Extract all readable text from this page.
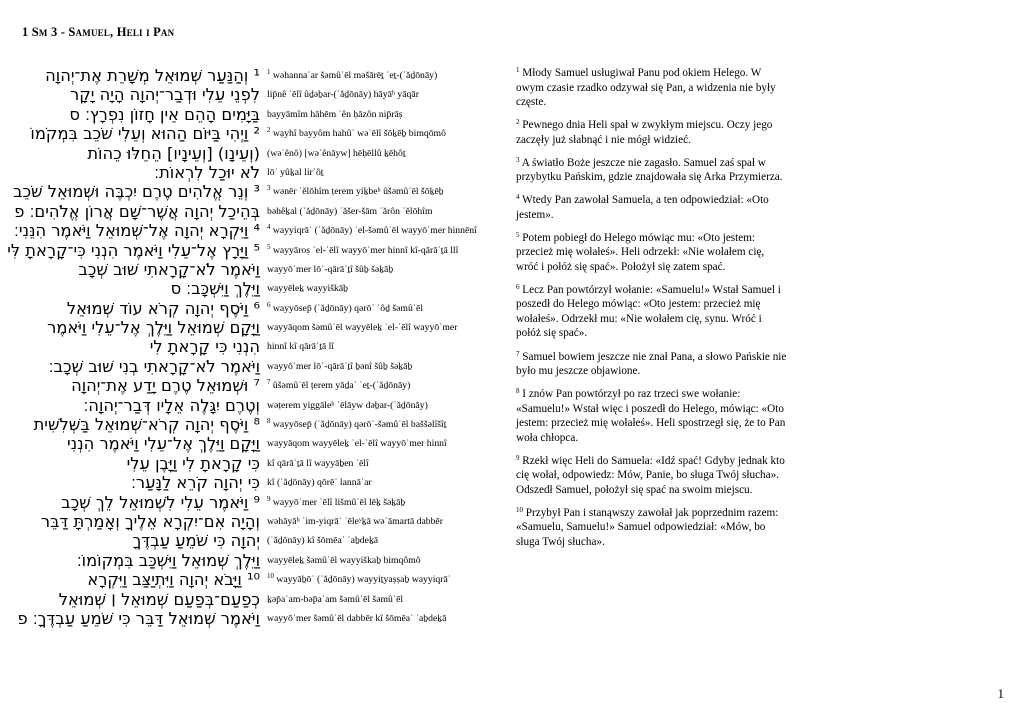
1 Sm 3 - Samuel, Heli i Pan
¹ וְהַנַּעַר שְׁמוּאֵל מְשָׁרֵת אֶת־יְהוָה
לִפְנֵי עֵלִי וּדְבַר־יְהוָה הָיָה יָקָר
בַּיָּמִים הָהֵם אֵין חָזוֹן נִפְרָץ׃ ס
² וַיְהִי בַּיּוֹם הַהוּא וְעֵלִי שֹׁכֵב בִּמְקֹמוֹ
(וְעֵינָו) [וְעֵינָיו] הֵחֵלּוּ כֵהוֹת
לֹא יוּכַל לִרְאוֹת׃
³ וְנֵר אֱלֹהִים טֶרֶם יִכְבֶּה וּשְׁמוּאֵל שֹׁכֵב
בְּהֵיכַל יְהוָה אֲשֶׁר־שָׁם אֲרוֹן אֱלֹהִים׃ פ
⁴ וַיִּקְרָא יְהוָה אֶל־שְׁמוּאֵל וַיֹּאמֶר הִנֵּנִי׃
⁵ וַיָּרָץ אֶל־עֵלִי וַיֹּאמֶר הִנְנִי כִּי־קָרָאתָ לִּי
וַיֹּאמֶר לֹא־קָרָאתִי שׁוּב שְׁכָב
וַיֵּלֶךְ וַיִּשְׁכָּב׃ ס
⁶ וַיֹּסֶף יְהוָה קְרֹא עוֹד שְׁמוּאֵל
וַיָּקָם שְׁמוּאֵל וַיֵּלֶךְ אֶל־עֵלִי וַיֹּאמֶר
הִנְנִי כִּי קָרָאתָ לִי
וַיֹּאמֶר לֹא־קָרָאתִי בְנִי שׁוּב שְׁכָב׃
⁷ וּשְׁמוּאֵל טֶרֶם יָדַע אֶת־יְהוָה
וְטֶרֶם יִגָּלֶה אֵלָיו דְּבַר־יְהוָה׃
⁸ וַיֹּסֶף יְהוָה קְרֹא־שְׁמוּאֵל בַּשְּׁלִשִׁית
וַיָּקָם וַיֵּלֶךְ אֶל־עֵלִי וַיֹּאמֶר הִנְנִי
כִּי קָרָאתָ לִי וַיָּבֶן עֵלִי
כִּי יְהוָה קֹרֵא לַנָּעַר׃
⁹ וַיֹּאמֶר עֵלִי לִשְׁמוּאֵל לֵךְ שְׁכָב
וְהָיָה אִם־יִקְרָא אֵלֶיךָ וְאָמַרְתָּ דַּבֵּר
יְהוָה כִּי שֹׁמֵעַ עַבְדֶּךָ
וַיֵּלֶךְ שְׁמוּאֵל וַיִּשְׁכַּב בִּמְקוֹמוֹ׃
¹⁰ וַיָּבֹא יְהוָה וַיִּתְיַצַּב וַיִּקְרָא
כְפַעַם־בְּפַעַם שְׁמוּאֵל ׀ שְׁמוּאֵל
וַיֹּאמֶר שְׁמוּאֵל דַּבֵּר כִּי שֹׁמֵעַ עַבְדֶּךָ׃ פ
$^1$ wəhannaʿar šəmûʾēl məšārēṯ ʾeṯ-(ʾăḏōnāy)
lip̄nê ʿēlî ûḏəḇar-(ʾăḏōnāy) hāyāʰ yāqār
bayyāmîm hāhēm ʾên ḥāzôn nip̄rāṣ
$^2$ wạyhî bayyôm hahûʾ wəʿēlî šōḵēḇ bimqōmô
(wəʿênô) [wəʿênāyw] hēḥēllû ḵēhôṯ
lōʾ yûḵal lirʾôṯ
$^3$ wənēr ʾĕlōhîm ṭerem yiḵbeʰ ûšəmûʾēl šōḵēḇ
bəhêḵal (ʾăḏōnāy) ʾăšer-šām ʾărôn ʾĕlōhîm
$^4$ wayyiqrāʾ (ʾăḏōnāy) ʾel-šəmûʾēl wayyōʾmer hinnēnî
$^5$ wayyāroṣ ʾel-ʿēlî wayyōʾmer hinnî kî-qārāʾṯā llî
wayyōʾmer lōʾ-qārāʾṯî šûḇ šəḵāḇ
wayyēleḵ wayyiškāḇ
$^6$ wayyōsep̄ (ʾăḏōnāy) qərōʾ ʿôḏ šəmûʾēl
wayyāqom šəmûʾēl wayyēleḵ ʾel-ʿēlî wayyōʾmer
hinnî kî qārāʾṯā lî
wayyōʾmer lōʾ-qārāʾṯî ḇənî šûḇ šəḵāḇ
$^7$ ûšəmûʾēl ṭerem yāḏaʿ ʾeṯ-(ʾăḏōnāy)
wəṭerem yiggāleʰ ʾēlāyw dəḇar-(ʾăḏōnāy)
$^8$ wayyōsep̄ (ʾăḏōnāy) qərōʾ-šəmûʾēl baššəlîšîṯ
wayyāqom wayyēleḵ ʾel-ʿēlî wayyōʾmer hinnî
kî qārāʾṯā lî wayyāḇen ʿēlî
kî (ʾăḏōnāy) qōrēʾ lannāʿar
$^9$ wayyōʾmer ʿēlî lišmûʾēl lēḵ šəḵāḇ
wəhāyāʰ ʾim-yiqrāʾ ʾēleʸḵā wəʾāmartā dabbēr
(ʾăḏōnāy) kî šōmēaʿ ʿaḇdeḵā
wayyēleḵ šəmûʾēl wayyiškaḇ bimqômô
$^{10}$ wayyāḇōʾ (ʾăḏōnāy) wayyiṯyaṣṣaḇ wayyiqrāʾ
ḵəp̄aʿam-bəp̄aʿam šəmûʾēl šəmûʾēl
wayyōʾmer šəmûʾēl dabbēr kî šōmēaʿ ʿaḇdeḵā

$^1$ Młody Samuel usługiwał Panu pod okiem Helego. W owym czasie rzadko odzywał się Pan, a widzenia nie były częste.

$^2$ Pewnego dnia Heli spał w zwykłym miejscu. Oczy jego zaczęły już słabnąć i nie mógł widzieć.

$^3$ A światło Boże jeszcze nie zagasło. Samuel zaś spał w przybytku Pańskim, gdzie znajdowała się Arka Przymierza.

$^4$ Wtedy Pan zawołał Samuela, a ten odpowiedział: «Oto jestem».

$^5$ Potem pobiegł do Helego mówiąc mu: «Oto jestem: przecież mię wołałeś». Heli odrzekł: «Nie wołałem cię, wróć i połóż się spać». Położył się zatem spać.

$^6$ Lecz Pan powtórzył wołanie: «Samuelu!» Wstał Samuel i poszedł do Helego mówiąc: «Oto jestem: przecież mię wołałeś». Odrzekł mu: «Nie wołałem cię, synu. Wróć i połóż się spać».

$^7$ Samuel bowiem jeszcze nie znał Pana, a słowo Pańskie nie było mu jeszcze objawione.

$^8$ I znów Pan powtórzył po raz trzeci swe wołanie: «Samuelu!» Wstał więc i poszedł do Helego, mówiąc: «Oto jestem: przecież mię wołałeś». Heli spostrzegł się, że to Pan woła chłopca.

$^9$ Rzekł więc Heli do Samuela: «Idź spać! Gdyby jednak kto cię wołał, odpowiedz: Mów, Panie, bo sługa Twój słucha». Odszedł Samuel, położył się spać na swoim miejscu.

$^{10}$ Przybył Pan i stanąwszy zawołał jak poprzednim razem: «Samuelu, Samuelu!» Samuel odpowiedział: «Mów, bo sługa Twój słucha».

1
